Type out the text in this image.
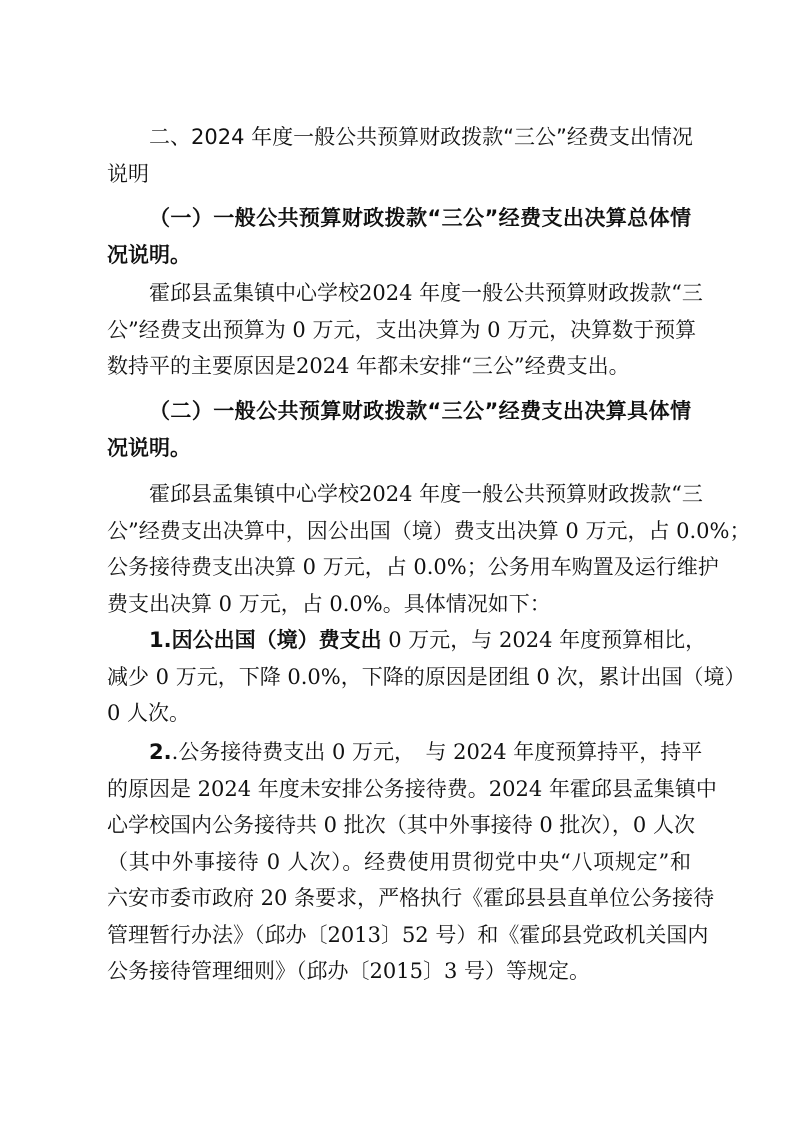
二、2024 年度一般公共预算财政拨款“三公”经费支出情况
说明
（一）一般公共预算财政拨款“三公”经费支出决算总体情
况说明。
霍邱县孟集镇中心学校2024 年度一般公共预算财政拨款“三
公”经费支出预算为 0 万元，支出决算为 0 万元，决算数于预算
数持平的主要原因是2024 年都未安排“三公”经费支出。
（二）一般公共预算财政拨款“三公”经费支出决算具体情
况说明。
霍邱县孟集镇中心学校2024 年度一般公共预算财政拨款“三
公”经费支出决算中，因公出国（境）费支出决算 0 万元，占 0.0%；
公务接待费支出决算 0 万元，占 0.0%；公务用车购置及运行维护
费支出决算 0 万元，占 0.0%。具体情况如下：
1.因公出国（境）费支出 0 万元，与 2024 年度预算相比，
减少 0 万元，下降 0.0%，下降的原因是团组 0 次，累计出国（境）
0 人次。
2..公务接待费支出 0 万元，　与 2024 年度预算持平，持平
的原因是 2024 年度未安排公务接待费。2024 年霍邱县孟集镇中
心学校国内公务接待共 0 批次（其中外事接待 0 批次），0 人次
（其中外事接待 0 人次）。经费使用贯彻党中央“八项规定”和
六安市委市政府 20 条要求，严格执行《霍邱县县直单位公务接待
管理暂行办法》（邱办〔2013〕52 号）和《霍邱县党政机关国内
公务接待管理细则》（邱办〔2015〕3 号）等规定。
